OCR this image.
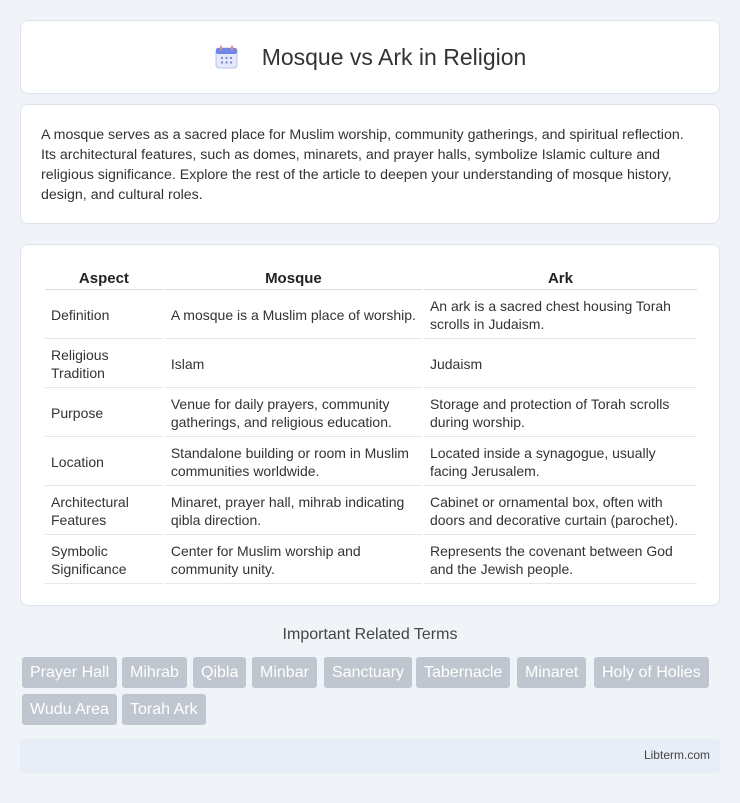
Mosque vs Ark in Religion

A mosque serves as a sacred place for Muslim worship, community gatherings, and spiritual reflection. Its architectural features, such as domes, minarets, and prayer halls, symbolize Islamic culture and religious significance. Explore the rest of the article to deepen your understanding of mosque history, design, and cultural roles.

Aspect	Mosque	Ark
Definition	A mosque is a Muslim place of worship.	An ark is a sacred chest housing Torah scrolls in Judaism.
Religious Tradition	Islam	Judaism
Purpose	Venue for daily prayers, community gatherings, and religious education.	Storage and protection of Torah scrolls during worship.
Location	Standalone building or room in Muslim communities worldwide.	Located inside a synagogue, usually facing Jerusalem.
Architectural Features	Minaret, prayer hall, mihrab indicating qibla direction.	Cabinet or ornamental box, often with doors and decorative curtain (parochet).
Symbolic Significance	Center for Muslim worship and community unity.	Represents the covenant between God and the Jewish people.
Important Related Terms
Prayer Hall	Mihrab	Qibla	Minbar	Sanctuary	Tabernacle	Minaret	Holy of Holies
Wudu Area	Torah Ark
Libterm.com
